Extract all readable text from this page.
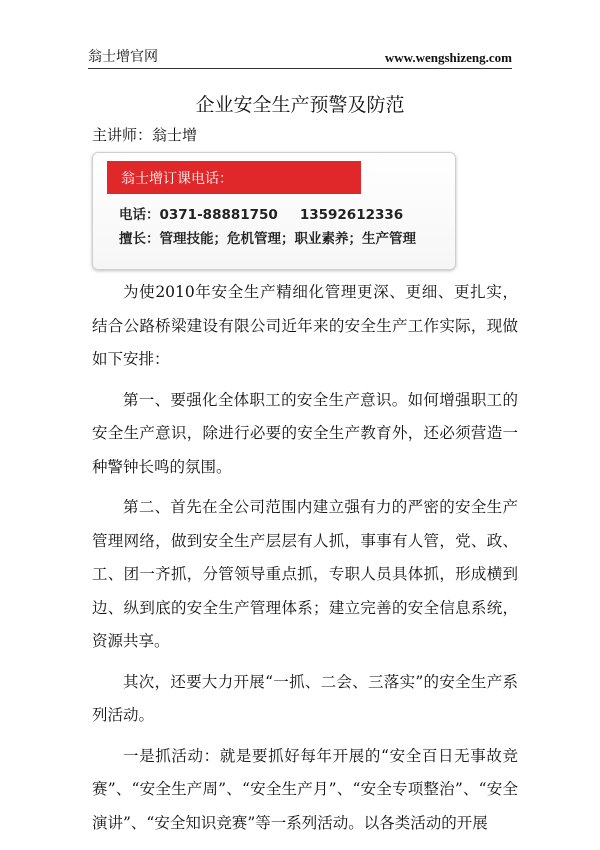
翁士增官网	www.wengshizeng.com
企业安全生产预警及防范
主讲师：翁士增
翁士增订课电话：
电话：0371-88881750 13592612336
擅长：管理技能；危机管理；职业素养；生产管理

为使2010年安全生产精细化管理更深、更细、更扎实，结合公路桥梁建设有限公司近年来的安全生产工作实际，现做如下安排：

第一、要强化全体职工的安全生产意识。如何增强职工的安全生产意识，除进行必要的安全生产教育外，还必须营造一种警钟长鸣的氛围。

第二、首先在全公司范围内建立强有力的严密的安全生产管理网络，做到安全生产层层有人抓，事事有人管，党、政、工、团一齐抓，分管领导重点抓，专职人员具体抓，形成横到边、纵到底的安全生产管理体系；建立完善的安全信息系统，资源共享。

其次，还要大力开展“一抓、二会、三落实”的安全生产系列活动。

一是抓活动：就是要抓好每年开展的“安全百日无事故竞赛”、“安全生产周”、“安全生产月”、“安全专项整治”、“安全演讲”、“安全知识竞赛”等一系列活动。以各类活动的开展
